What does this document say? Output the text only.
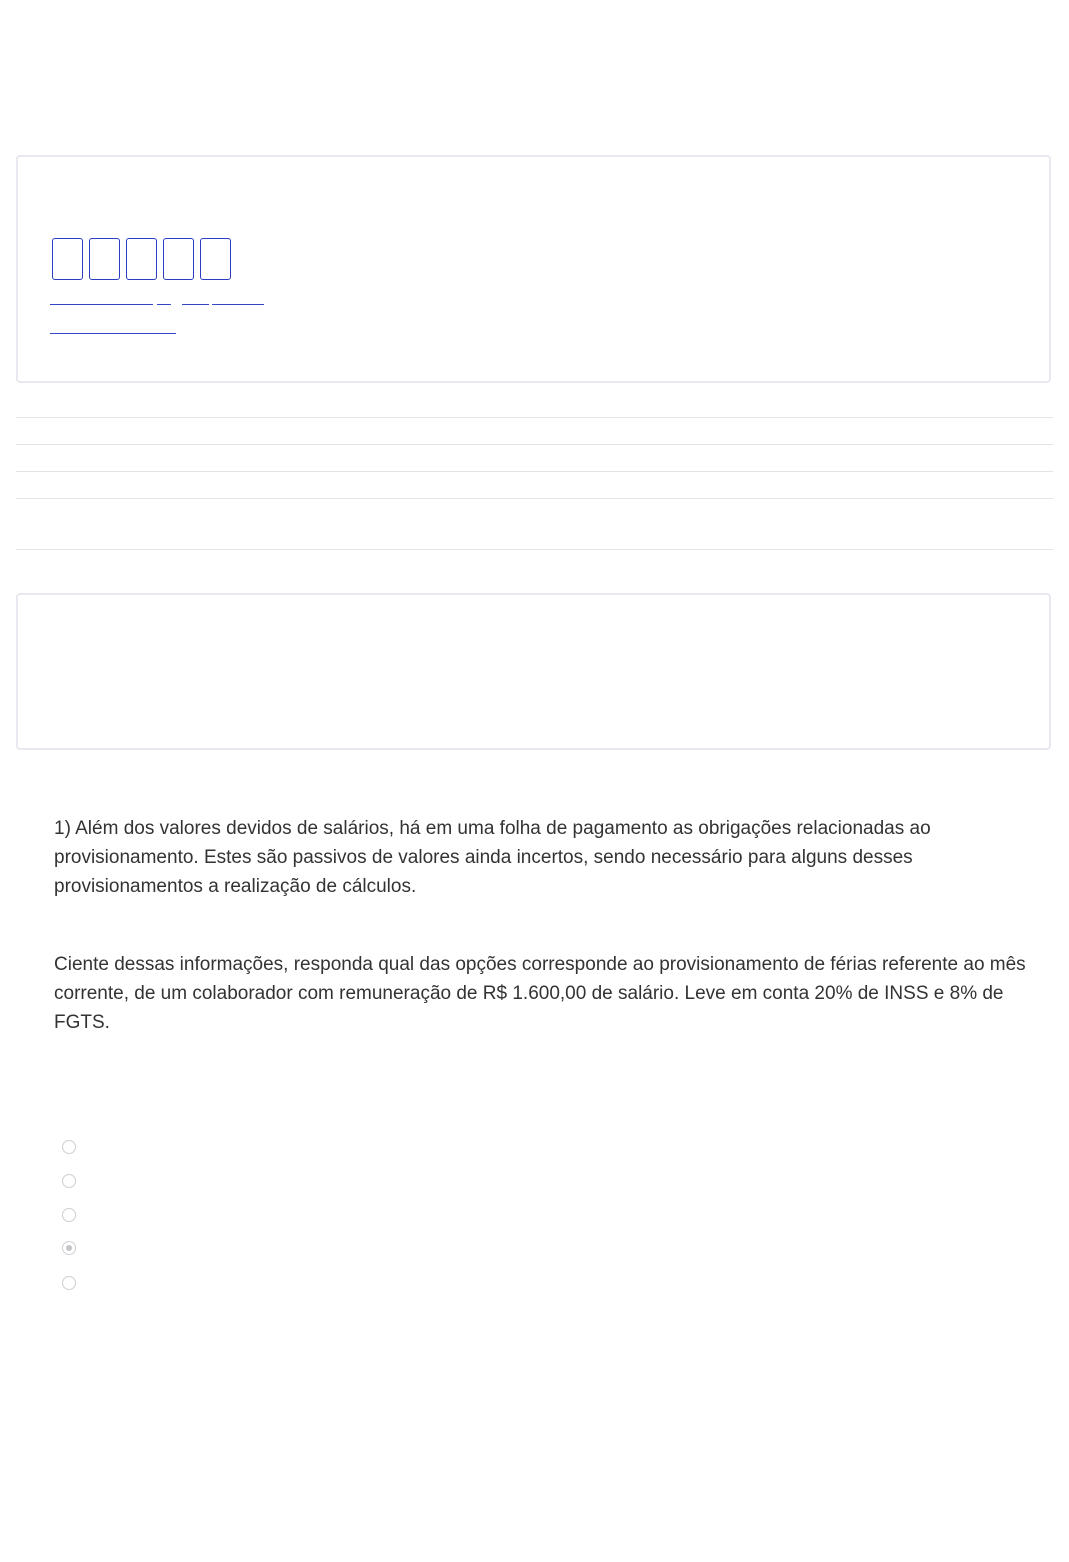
1) Além dos valores devidos de salários, há em uma folha de pagamento as obrigações relacionadas ao provisionamento. Estes são passivos de valores ainda incertos, sendo necessário para alguns desses provisionamentos a realização de cálculos.

Ciente dessas informações, responda qual das opções corresponde ao provisionamento de férias referente ao mês corrente, de um colaborador com remuneração de R$ 1.600,00 de salário. Leve em conta 20% de INSS e 8% de FGTS.
